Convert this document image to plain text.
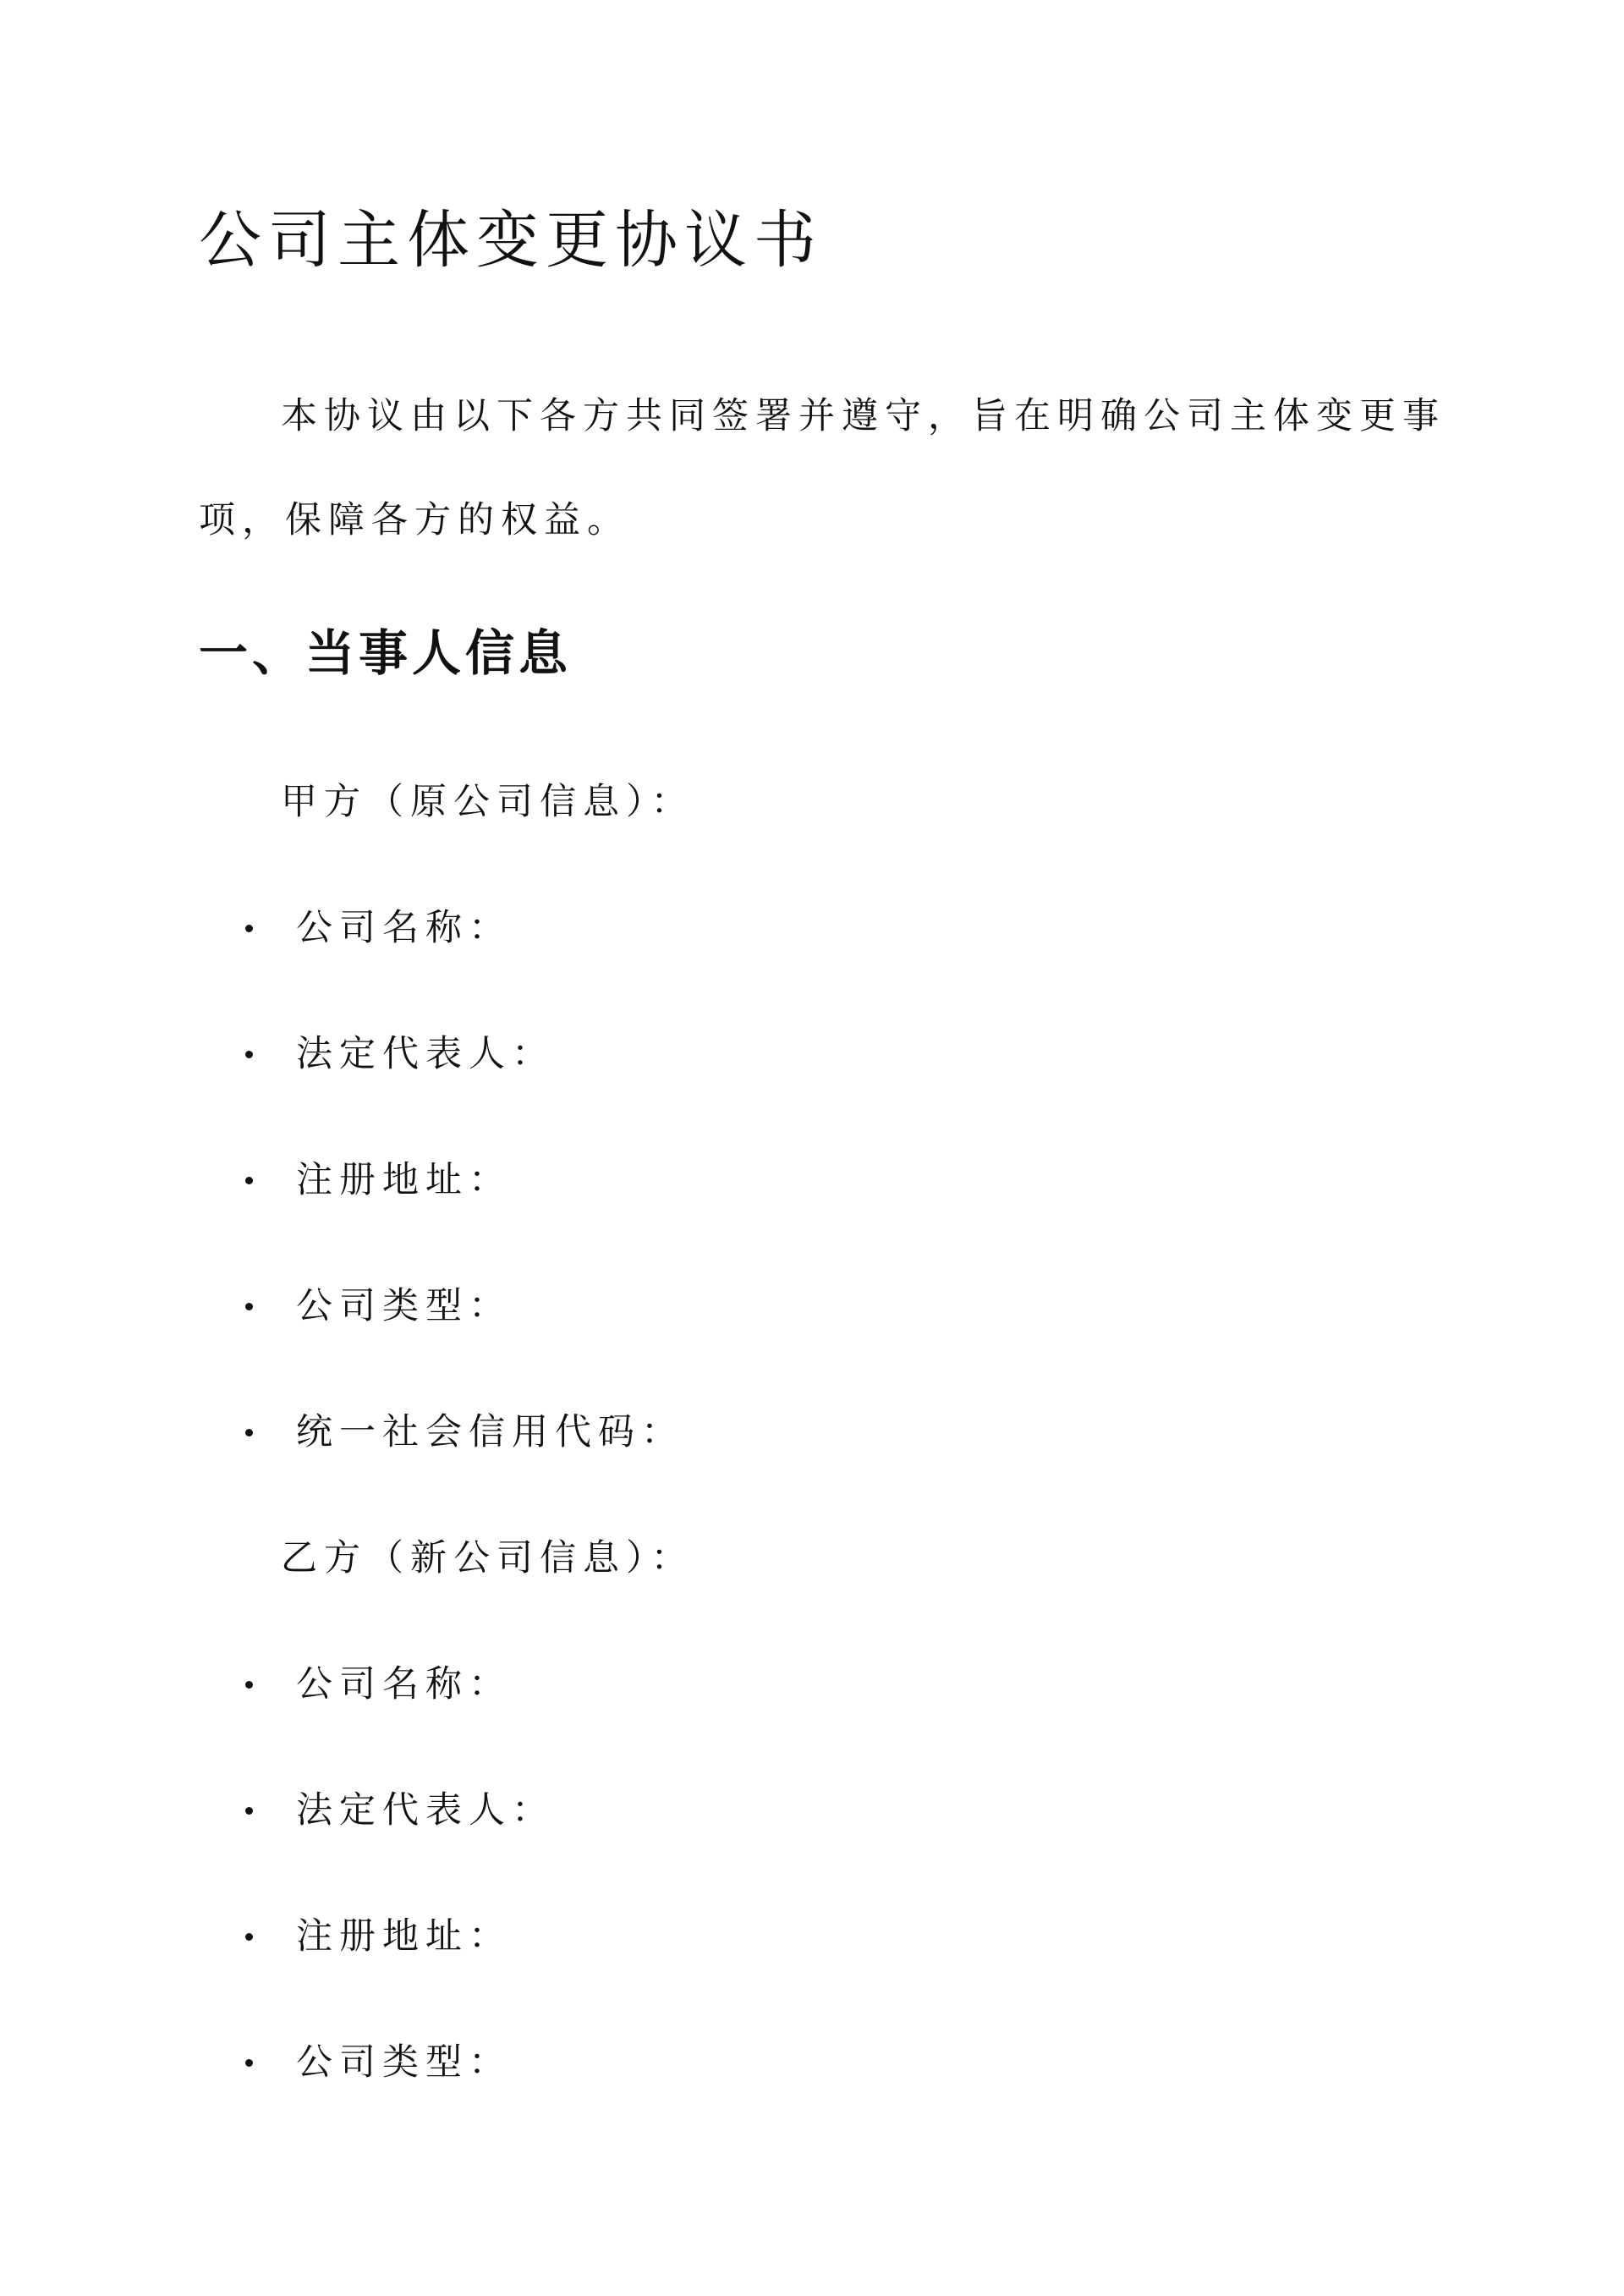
公司主体变更协议书

本协议由以下各方共同签署并遵守，旨在明确公司主体变更事

项，保障各方的权益。

一、当事人信息

甲方（原公司信息）：

公司名称：
法定代表人：
注册地址：
公司类型：
统一社会信用代码：

乙方（新公司信息）：

公司名称：
法定代表人：
注册地址：
公司类型：
